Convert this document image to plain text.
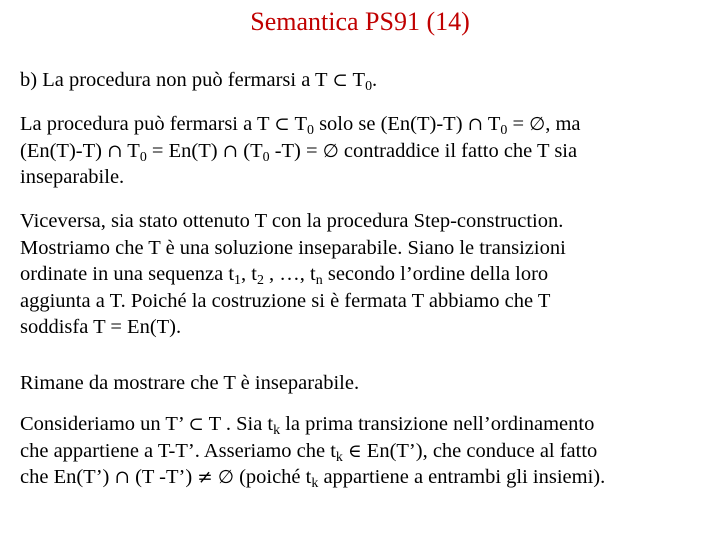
Semantica PS91 (14)

b) La procedura non può fermarsi a T ⊂ $T_0$.

La procedura può fermarsi a T ⊂ $T_0$ solo se (En(T)-T) ∩ $T_0$ = ∅, ma
(En(T)-T) ∩ $T_0 = En(T)$ ∩ ($T_0$ -T) = ∅ contraddice il fatto che T sia
inseparabile.

Viceversa, sia stato ottenuto T con la procedura Step-construction.
Mostriamo che T è una soluzione inseparabile. Siano le transizioni
ordinate in una sequenza $t_1$, $t_2$ , …, $t_n$ secondo l’ordine della loro
aggiunta a T. Poiché la costruzione si è fermata T abbiamo che T
soddisfa T = En(T).

Rimane da mostrare che T è inseparabile.

Consideriamo un T’ ⊂ T . Sia $t_k$ la prima transizione nell’ordinamento
che appartiene a T-T’. Asseriamo che $t_k$ ∈ En(T’), che conduce al fatto
che En(T’) ∩ (T -T’) ≠ ∅ (poiché $t_k$ appartiene a entrambi gli insiemi).
